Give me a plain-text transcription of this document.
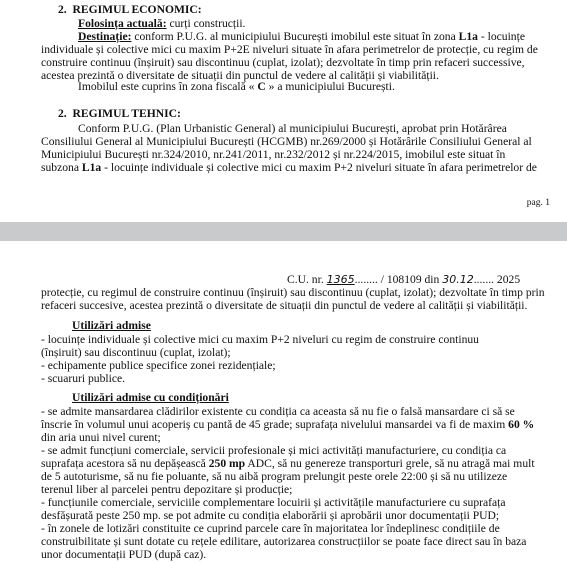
2. REGIMUL ECONOMIC:
Folosința actuală: curți construcții.
Destinație: conform P.U.G. al municipiului București imobilul este situat în zona L1a - locuințe
individuale și colective mici cu maxim P+2E niveluri situate în afara perimetrelor de protecție, cu regim de
construire continuu (înșiruit) sau discontinuu (cuplat, izolat); dezvoltate în timp prin refaceri successive,
acestea prezintă o diversitate de situații din punctul de vedere al calității și viabilității.
Imobilul este cuprins în zona fiscală « C » a municipiului București.
2. REGIMUL TEHNIC:
Conform P.U.G. (Plan Urbanistic General) al municipiului București, aprobat prin Hotărârea
Consiliului General al Municipiului București (HCGMB) nr.269/2000 și Hotărârile Consiliului General al
Municipiului București nr.324/2010, nr.241/2011, nr.232/2012 și nr.224/2015, imobilul este situat în
subzona L1a - locuințe individuale și colective mici cu maxim P+2 niveluri situate în afara perimetrelor de
pag. 1
C.U. nr. 1365........ / 108109 din 30.12....... 2025
protecție, cu regimul de construire continuu (înșiruit) sau discontinuu (cuplat, izolat); dezvoltate în timp prin
refaceri succesive, acestea prezintă o diversitate de situații din punctul de vedere al calității și viabilității.
Utilizări admise
- locuințe individuale și colective mici cu maxim P+2 niveluri cu regim de construire continuu
(înșiruit) sau discontinuu (cuplat, izolat);
- echipamente publice specifice zonei rezidențiale;
- scuaruri publice.
Utilizări admise cu condiționări
- se admite mansardarea clădirilor existente cu condiția ca aceasta să nu fie o falsă mansardare ci să se
înscrie în volumul unui acoperiș cu pantă de 45 grade; suprafața nivelului mansardei va fi de maxim 60 %
din aria unui nivel curent;
- se admit funcțiuni comerciale, servicii profesionale și mici activități manufacturiere, cu condiția ca
suprafața acestora să nu depășească 250 mp ADC, să nu genereze transporturi grele, să nu atragă mai mult
de 5 autoturisme, să nu fie poluante, să nu aibă program prelungit peste orele 22:00 și să nu utilizeze
terenul liber al parcelei pentru depozitare și producție;
- funcțiunile comerciale, serviciile complementare locuirii și activitățile manufacturiere cu suprafața
desfășurată peste 250 mp. se pot admite cu condiția elaborării și aprobării unor documentații PUD;
- în zonele de lotizări constituite ce cuprind parcele care în majoritatea lor îndeplinesc condițiile de
construibilitate și sunt dotate cu rețele edilitare, autorizarea construcțiilor se poate face direct sau în baza
unor documentații PUD (după caz).
